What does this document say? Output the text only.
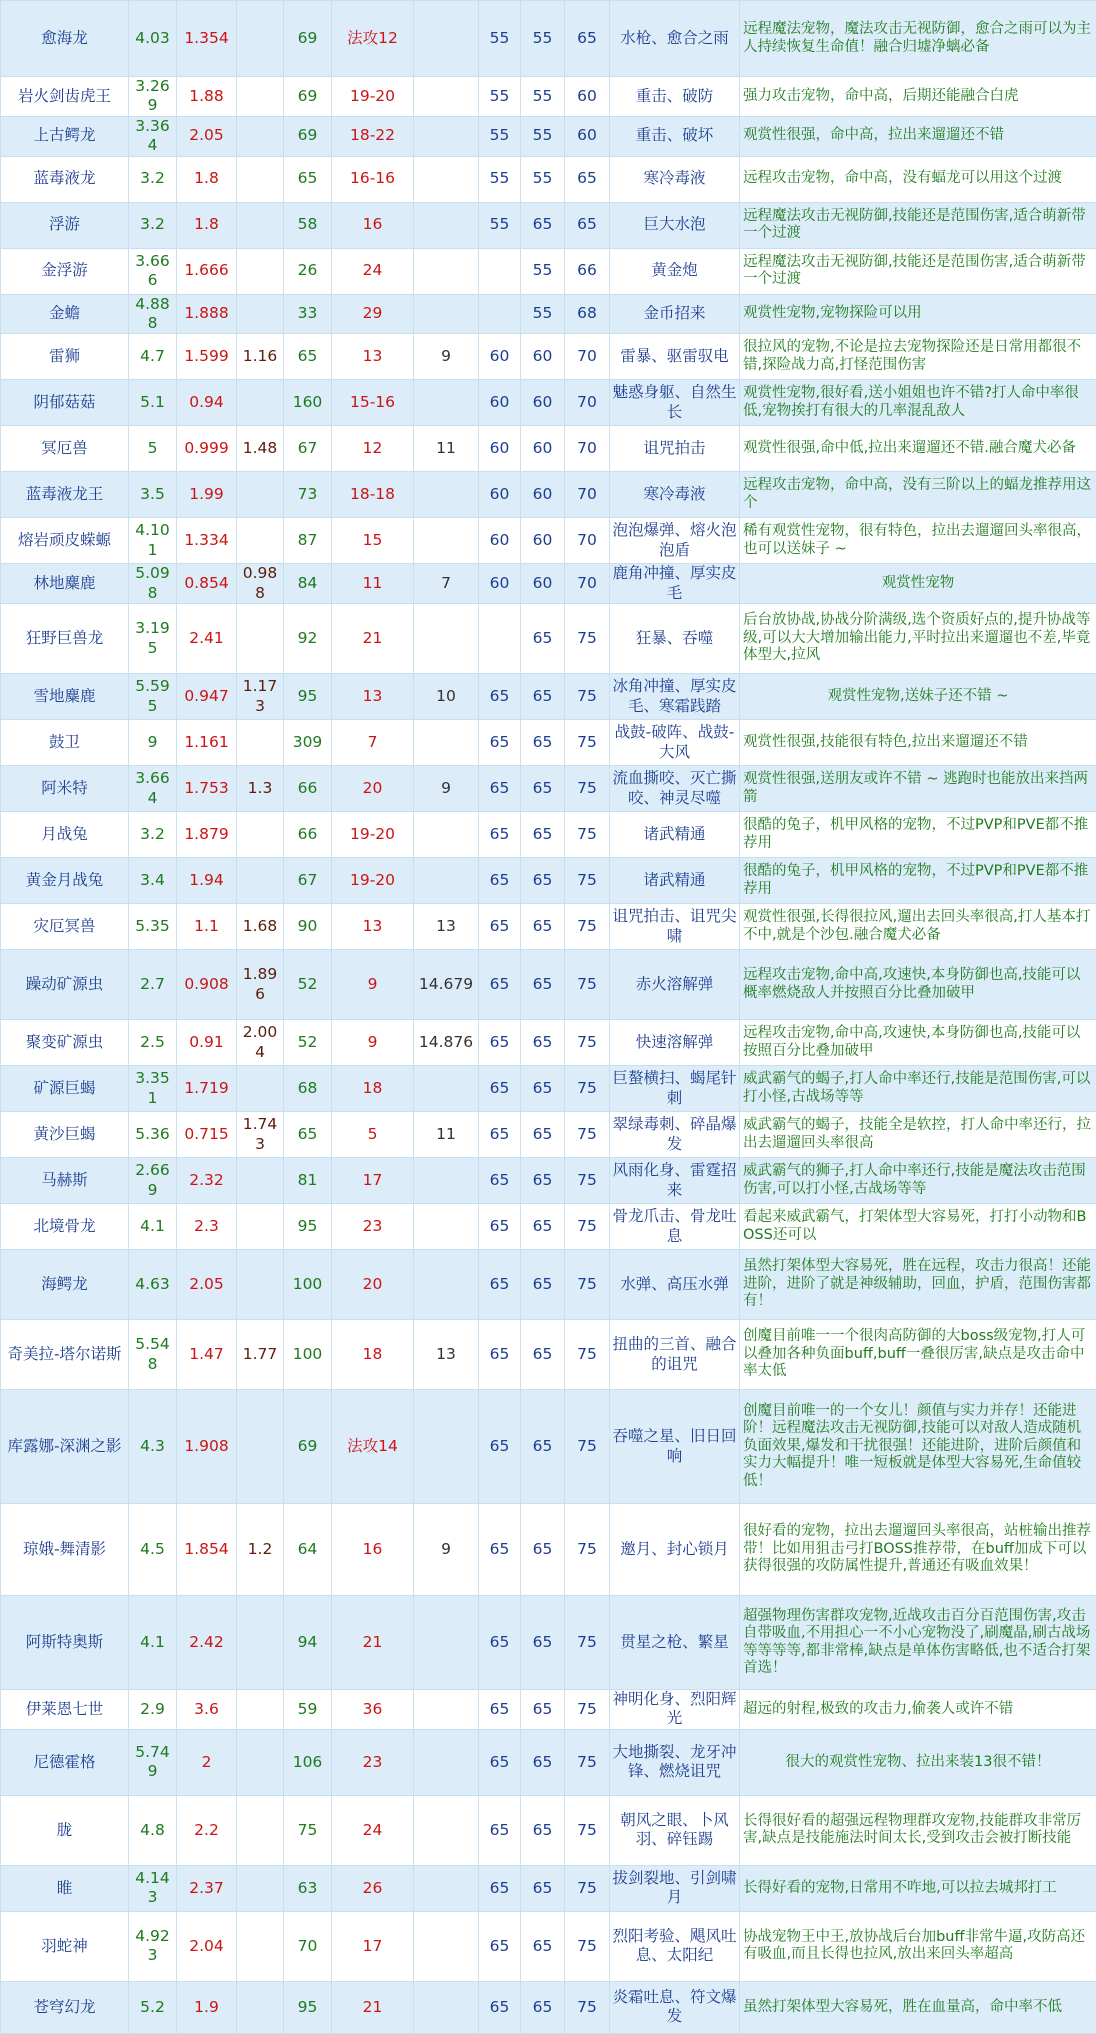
愈海龙	4.03	1.354		69	法攻12		55	55	65	水枪、愈合之雨	远程魔法宠物，魔法攻击无视防御，愈合之雨可以为主人持续恢复生命值！融合归墟净螭必备
岩火剑齿虎王	3.269	1.88		69	19-20		55	55	60	重击、破防	强力攻击宠物，命中高，后期还能融合白虎
上古鳄龙	3.364	2.05		69	18-22		55	55	60	重击、破坏	观赏性很强，命中高，拉出来遛遛还不错
蓝毒液龙	3.2	1.8		65	16-16		55	55	65	寒冷毒液	远程攻击宠物，命中高，没有蝠龙可以用这个过渡
浮游	3.2	1.8		58	16		55	65	65	巨大水泡	远程魔法攻击无视防御,技能还是范围伤害,适合萌新带一个过渡
金浮游	3.666	1.666		26	24			55	66	黄金炮	远程魔法攻击无视防御,技能还是范围伤害,适合萌新带一个过渡
金蟾	4.888	1.888		33	29			55	68	金币招来	观赏性宠物,宠物探险可以用
雷狮	4.7	1.599	1.16	65	13	9	60	60	70	雷暴、驱雷驭电	很拉风的宠物,不论是拉去宠物探险还是日常用都很不错,探险战力高,打怪范围伤害
阴郁菇菇	5.1	0.94		160	15-16		60	60	70	魅惑身躯、自然生长	观赏性宠物,很好看,送小姐姐也许不错?打人命中率很低,宠物挨打有很大的几率混乱敌人
冥厄兽	5	0.999	1.48	67	12	11	60	60	70	诅咒拍击	观赏性很强,命中低,拉出来遛遛还不错.融合魔犬必备
蓝毒液龙王	3.5	1.99		73	18-18		60	60	70	寒冷毒液	远程攻击宠物，命中高，没有三阶以上的蝠龙推荐用这个
熔岩顽皮蝾螈	4.101	1.334		87	15		60	60	70	泡泡爆弹、熔火泡泡盾	稀有观赏性宠物，很有特色，拉出去遛遛回头率很高，也可以送妹子 ~
林地麋鹿	5.098	0.854	0.988	84	11	7	60	60	70	鹿角冲撞、厚实皮毛	观赏性宠物
狂野巨兽龙	3.195	2.41		92	21			65	75	狂暴、吞噬	后台放协战,协战分阶满级,选个资质好点的,提升协战等级,可以大大增加输出能力,平时拉出来遛遛也不差,毕竟体型大,拉风
雪地麋鹿	5.595	0.947	1.173	95	13	10	65	65	75	冰角冲撞、厚实皮毛、寒霜践踏	观赏性宠物,送妹子还不错 ~
鼓卫	9	1.161		309	7		65	65	75	战鼓-破阵、战鼓-大风	观赏性很强,技能很有特色,拉出来遛遛还不错
阿米特	3.664	1.753	1.3	66	20	9	65	65	75	流血撕咬、灭亡撕咬、神灵尽噬	观赏性很强,送朋友或许不错 ~ 逃跑时也能放出来挡两箭
月战兔	3.2	1.879		66	19-20		65	65	75	诸武精通	很酷的兔子，机甲风格的宠物，不过PVP和PVE都不推荐用
黄金月战兔	3.4	1.94		67	19-20		65	65	75	诸武精通	很酷的兔子，机甲风格的宠物，不过PVP和PVE都不推荐用
灾厄冥兽	5.35	1.1	1.68	90	13	13	65	65	75	诅咒拍击、诅咒尖啸	观赏性很强,长得很拉风,遛出去回头率很高,打人基本打不中,就是个沙包.融合魔犬必备
躁动矿源虫	2.7	0.908	1.896	52	9	14.679	65	65	75	赤火溶解弹	远程攻击宠物,命中高,攻速快,本身防御也高,技能可以概率燃烧敌人并按照百分比叠加破甲
聚变矿源虫	2.5	0.91	2.004	52	9	14.876	65	65	75	快速溶解弹	远程攻击宠物,命中高,攻速快,本身防御也高,技能可以按照百分比叠加破甲
矿源巨蝎	3.351	1.719		68	18		65	65	75	巨螯横扫、蝎尾针刺	威武霸气的蝎子,打人命中率还行,技能是范围伤害,可以打小怪,古战场等等
黄沙巨蝎	5.36	0.715	1.743	65	5	11	65	65	75	翠绿毒刺、碎晶爆发	威武霸气的蝎子，技能全是软控，打人命中率还行，拉出去遛遛回头率很高
马赫斯	2.669	2.32		81	17		65	65	75	风雨化身、雷霆招来	威武霸气的狮子,打人命中率还行,技能是魔法攻击范围伤害,可以打小怪,古战场等等
北境骨龙	4.1	2.3		95	23		65	65	75	骨龙爪击、骨龙吐息	看起来威武霸气，打架体型大容易死，打打小动物和BOSS还可以
海鳄龙	4.63	2.05		100	20		65	65	75	水弹、高压水弹	虽然打架体型大容易死，胜在远程，攻击力很高！还能进阶，进阶了就是神级辅助，回血，护盾，范围伤害都有！
奇美拉-塔尔诺斯	5.548	1.47	1.77	100	18	13	65	65	75	扭曲的三首、融合的诅咒	创魔目前唯一一个很肉高防御的大boss级宠物,打人可以叠加各种负面buff,buff一叠很厉害,缺点是攻击命中率太低
库露娜-深渊之影	4.3	1.908		69	法攻14		65	65	75	吞噬之星、旧日回响	创魔目前唯一的一个女儿！颜值与实力并存！还能进阶！远程魔法攻击无视防御,技能可以对敌人造成随机负面效果,爆发和干扰很强！还能进阶，进阶后颜值和实力大幅提升！唯一短板就是体型大容易死,生命值较低！
琼娥-舞清影	4.5	1.854	1.2	64	16	9	65	65	75	邀月、封心锁月	很好看的宠物，拉出去遛遛回头率很高，站桩输出推荐带！比如用狙击弓打BOSS推荐带，在buff加成下可以获得很强的攻防属性提升,普通还有吸血效果！
阿斯特奥斯	4.1	2.42		94	21		65	65	75	贯星之枪、繁星	超强物理伤害群攻宠物,近战攻击百分百范围伤害,攻击自带吸血,不用担心一不小心宠物没了,刷魔晶,刷古战场等等等等,都非常棒,缺点是单体伤害略低,也不适合打架首选！
伊莱恩七世	2.9	3.6		59	36		65	65	75	神明化身、烈阳辉光	超远的射程,极致的攻击力,偷袭人或许不错
尼德霍格	5.749	2		106	23		65	65	75	大地撕裂、龙牙冲锋、燃烧诅咒	很大的观赏性宠物、拉出来装13很不错！
胧	4.8	2.2		75	24		65	65	75	朝风之眼、卜风羽、碎钰踢	长得很好看的超强远程物理群攻宠物,技能群攻非常厉害,缺点是技能施法时间太长,受到攻击会被打断技能
睢	4.143	2.37		63	26		65	65	75	拔剑裂地、引剑啸月	长得好看的宠物,日常用不咋地,可以拉去城邦打工
羽蛇神	4.923	2.04		70	17		65	65	75	烈阳考验、飓风吐息、太阳纪	协战宠物王中王,放协战后台加buff非常牛逼,攻防高还有吸血,而且长得也拉风,放出来回头率超高
苍穹幻龙	5.2	1.9		95	21		65	65	75	炎霜吐息、符文爆发	虽然打架体型大容易死，胜在血量高，命中率不低
